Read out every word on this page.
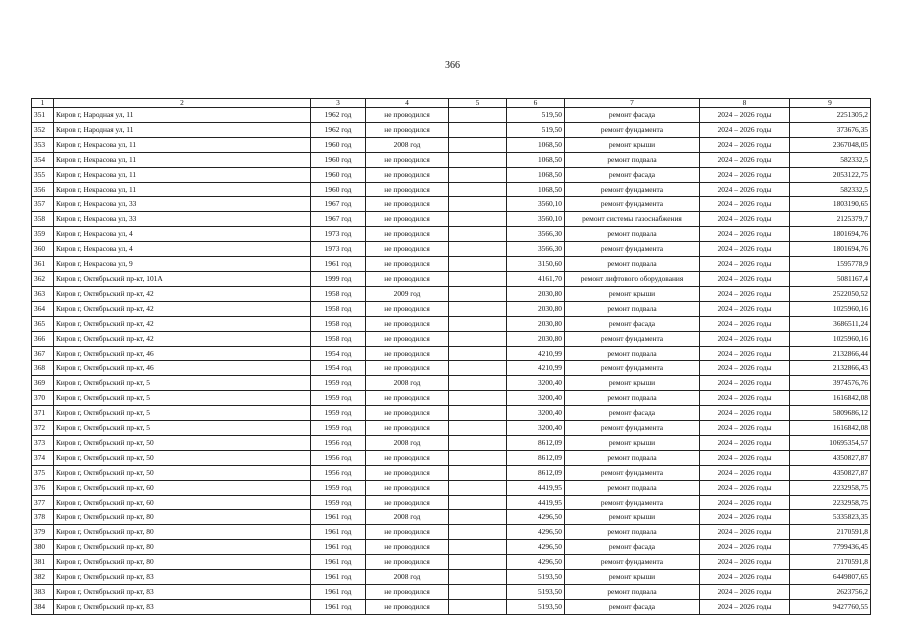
366
1	2	3	4	5	6	7	8	9
351	Киров г, Народная ул, 11	1962 год	не проводился		519,50	ремонт фасада	2024 – 2026 годы	2251305,2
352	Киров г, Народная ул, 11	1962 год	не проводился		519,50	ремонт фундамента	2024 – 2026 годы	373676,35
353	Киров г, Некрасова ул, 11	1960 год	2008 год		1068,50	ремонт крыши	2024 – 2026 годы	2367048,05
354	Киров г, Некрасова ул, 11	1960 год	не проводился		1068,50	ремонт подвала	2024 – 2026 годы	582332,5
355	Киров г, Некрасова ул, 11	1960 год	не проводился		1068,50	ремонт фасада	2024 – 2026 годы	2053122,75
356	Киров г, Некрасова ул, 11	1960 год	не проводился		1068,50	ремонт фундамента	2024 – 2026 годы	582332,5
357	Киров г, Некрасова ул, 33	1967 год	не проводился		3560,10	ремонт фундамента	2024 – 2026 годы	1803190,65
358	Киров г, Некрасова ул, 33	1967 год	не проводился		3560,10	ремонт системы газоснабжения	2024 – 2026 годы	2125379,7
359	Киров г, Некрасова ул, 4	1973 год	не проводился		3566,30	ремонт подвала	2024 – 2026 годы	1801694,76
360	Киров г, Некрасова ул, 4	1973 год	не проводился		3566,30	ремонт фундамента	2024 – 2026 годы	1801694,76
361	Киров г, Некрасова ул, 9	1961 год	не проводился		3150,60	ремонт подвала	2024 – 2026 годы	1595778,9
362	Киров г, Октябрьский пр-кт, 101А	1999 год	не проводился		4161,70	ремонт лифтового оборудования	2024 – 2026 годы	5081167,4
363	Киров г, Октябрьский пр-кт, 42	1958 год	2009 год		2030,80	ремонт крыши	2024 – 2026 годы	2522050,52
364	Киров г, Октябрьский пр-кт, 42	1958 год	не проводился		2030,80	ремонт подвала	2024 – 2026 годы	1025960,16
365	Киров г, Октябрьский пр-кт, 42	1958 год	не проводился		2030,80	ремонт фасада	2024 – 2026 годы	3686511,24
366	Киров г, Октябрьский пр-кт, 42	1958 год	не проводился		2030,80	ремонт фундамента	2024 – 2026 годы	1025960,16
367	Киров г, Октябрьский пр-кт, 46	1954 год	не проводился		4210,99	ремонт подвала	2024 – 2026 годы	2132866,44
368	Киров г, Октябрьский пр-кт, 46	1954 год	не проводился		4210,99	ремонт фундамента	2024 – 2026 годы	2132866,43
369	Киров г, Октябрьский пр-кт, 5	1959 год	2008 год		3200,40	ремонт крыши	2024 – 2026 годы	3974576,76
370	Киров г, Октябрьский пр-кт, 5	1959 год	не проводился		3200,40	ремонт подвала	2024 – 2026 годы	1616842,08
371	Киров г, Октябрьский пр-кт, 5	1959 год	не проводился		3200,40	ремонт фасада	2024 – 2026 годы	5809686,12
372	Киров г, Октябрьский пр-кт, 5	1959 год	не проводился		3200,40	ремонт фундамента	2024 – 2026 годы	1616842,08
373	Киров г, Октябрьский пр-кт, 50	1956 год	2008 год		8612,09	ремонт крыши	2024 – 2026 годы	10695354,57
374	Киров г, Октябрьский пр-кт, 50	1956 год	не проводился		8612,09	ремонт подвала	2024 – 2026 годы	4350827,87
375	Киров г, Октябрьский пр-кт, 50	1956 год	не проводился		8612,09	ремонт фундамента	2024 – 2026 годы	4350827,87
376	Киров г, Октябрьский пр-кт, 60	1959 год	не проводился		4419,95	ремонт подвала	2024 – 2026 годы	2232958,75
377	Киров г, Октябрьский пр-кт, 60	1959 год	не проводился		4419,95	ремонт фундамента	2024 – 2026 годы	2232958,75
378	Киров г, Октябрьский пр-кт, 80	1961 год	2008 год		4296,50	ремонт крыши	2024 – 2026 годы	5335823,35
379	Киров г, Октябрьский пр-кт, 80	1961 год	не проводился		4296,50	ремонт подвала	2024 – 2026 годы	2170591,8
380	Киров г, Октябрьский пр-кт, 80	1961 год	не проводился		4296,50	ремонт фасада	2024 – 2026 годы	7799436,45
381	Киров г, Октябрьский пр-кт, 80	1961 год	не проводился		4296,50	ремонт фундамента	2024 – 2026 годы	2170591,8
382	Киров г, Октябрьский пр-кт, 83	1961 год	2008 год		5193,50	ремонт крыши	2024 – 2026 годы	6449807,65
383	Киров г, Октябрьский пр-кт, 83	1961 год	не проводился		5193,50	ремонт подвала	2024 – 2026 годы	2623756,2
384	Киров г, Октябрьский пр-кт, 83	1961 год	не проводился		5193,50	ремонт фасада	2024 – 2026 годы	9427760,55
